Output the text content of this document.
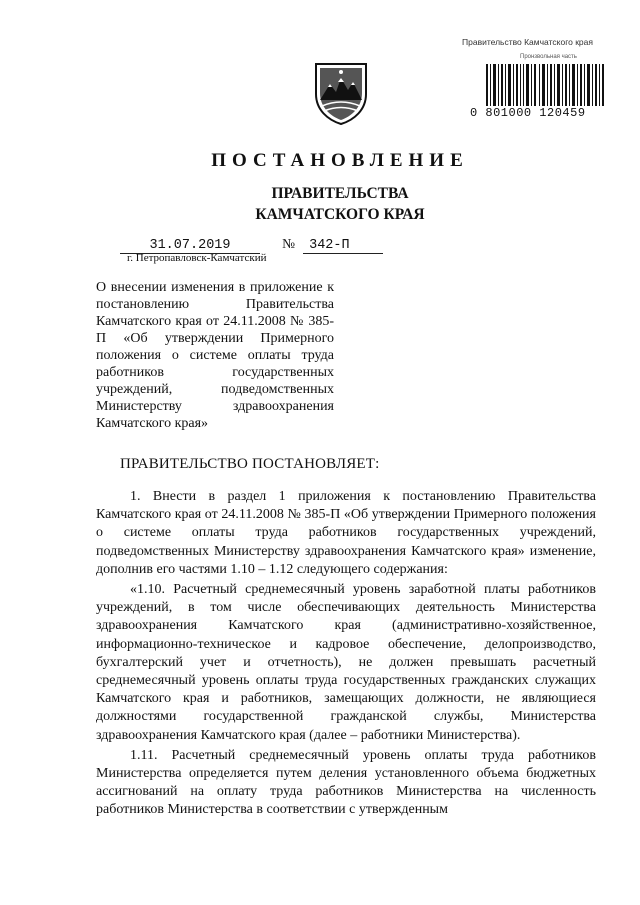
Правительство Камчатского края
Пронзвольная часть
0 801000 120459
ПОСТАНОВЛЕНИЕ
ПРАВИТЕЛЬСТВА
КАМЧАТСКОГО КРАЯ
31.07.2019	№ 342-П
г. Петропавловск-Камчатский

О внесении изменения в приложение к постановлению Правительства Камчатского края от 24.11.2008 № 385-П «Об утверждении Примерного положения о системе оплаты труда работников государственных учреждений, подведомственных Министерству здравоохранения Камчатского края»

ПРАВИТЕЛЬСТВО ПОСТАНОВЛЯЕТ:

1. Внести в раздел 1 приложения к постановлению Правительства Камчатского края от 24.11.2008 № 385-П «Об утверждении Примерного положения о системе оплаты труда работников государственных учреждений, подведомственных Министерству здравоохранения Камчатского края» изменение, дополнив его частями 1.10 – 1.12 следующего содержания:

«1.10. Расчетный среднемесячный уровень заработной платы работников учреждений, в том числе обеспечивающих деятельность Министерства здравоохранения Камчатского края (административно-хозяйственное, информационно-техническое и кадровое обеспечение, делопроизводство, бухгалтерский учет и отчетность), не должен превышать расчетный среднемесячный уровень оплаты труда государственных гражданских служащих Камчатского края и работников, замещающих должности, не являющиеся должностями государственной гражданской службы, Министерства здравоохранения Камчатского края (далее – работники Министерства).

1.11. Расчетный среднемесячный уровень оплаты труда работников Министерства определяется путем деления установленного объема бюджетных ассигнований на оплату труда работников Министерства на численность работников Министерства в соответствии с утвержденным
